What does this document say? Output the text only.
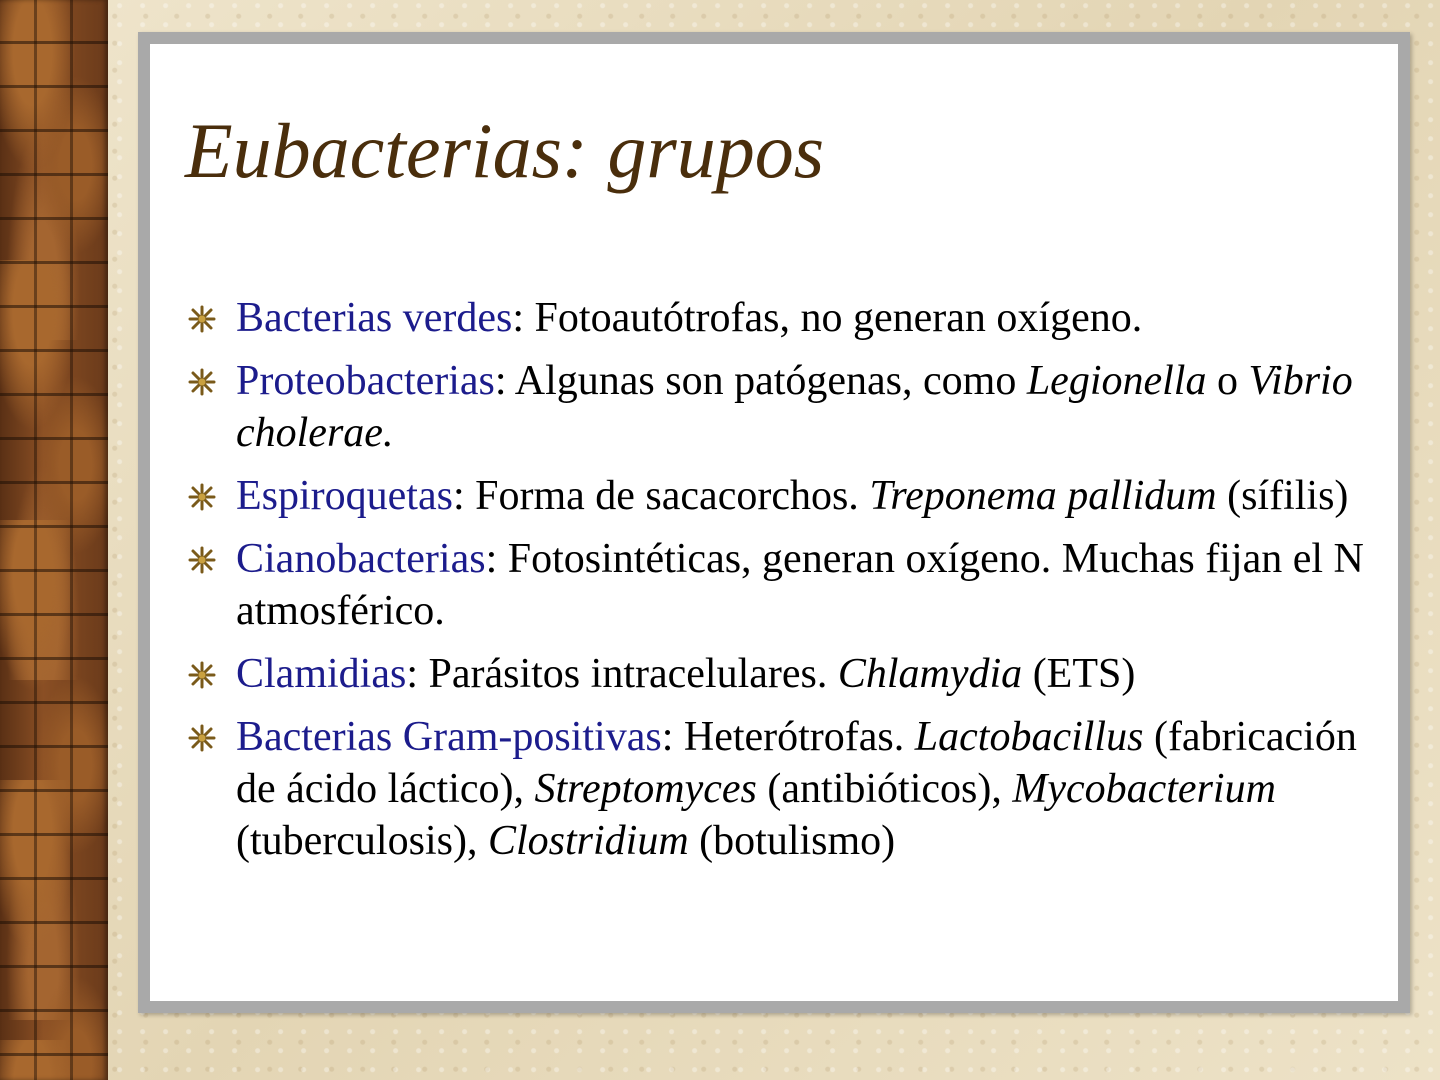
Eubacterias: grupos
Bacterias verdes: Fotoautótrofas, no generan oxígeno.
Proteobacterias: Algunas son patógenas, como Legionella o Vibrio cholerae.
Espiroquetas: Forma de sacacorchos. Treponema pallidum (sífilis)
Cianobacterias: Fotosintéticas, generan oxígeno. Muchas fijan el N atmosférico.
Clamidias: Parásitos intracelulares. Chlamydia (ETS)
Bacterias Gram-positivas: Heterótrofas. Lactobacillus (fabricación de ácido láctico), Streptomyces (antibióticos), Mycobacterium (tuberculosis), Clostridium (botulismo)
